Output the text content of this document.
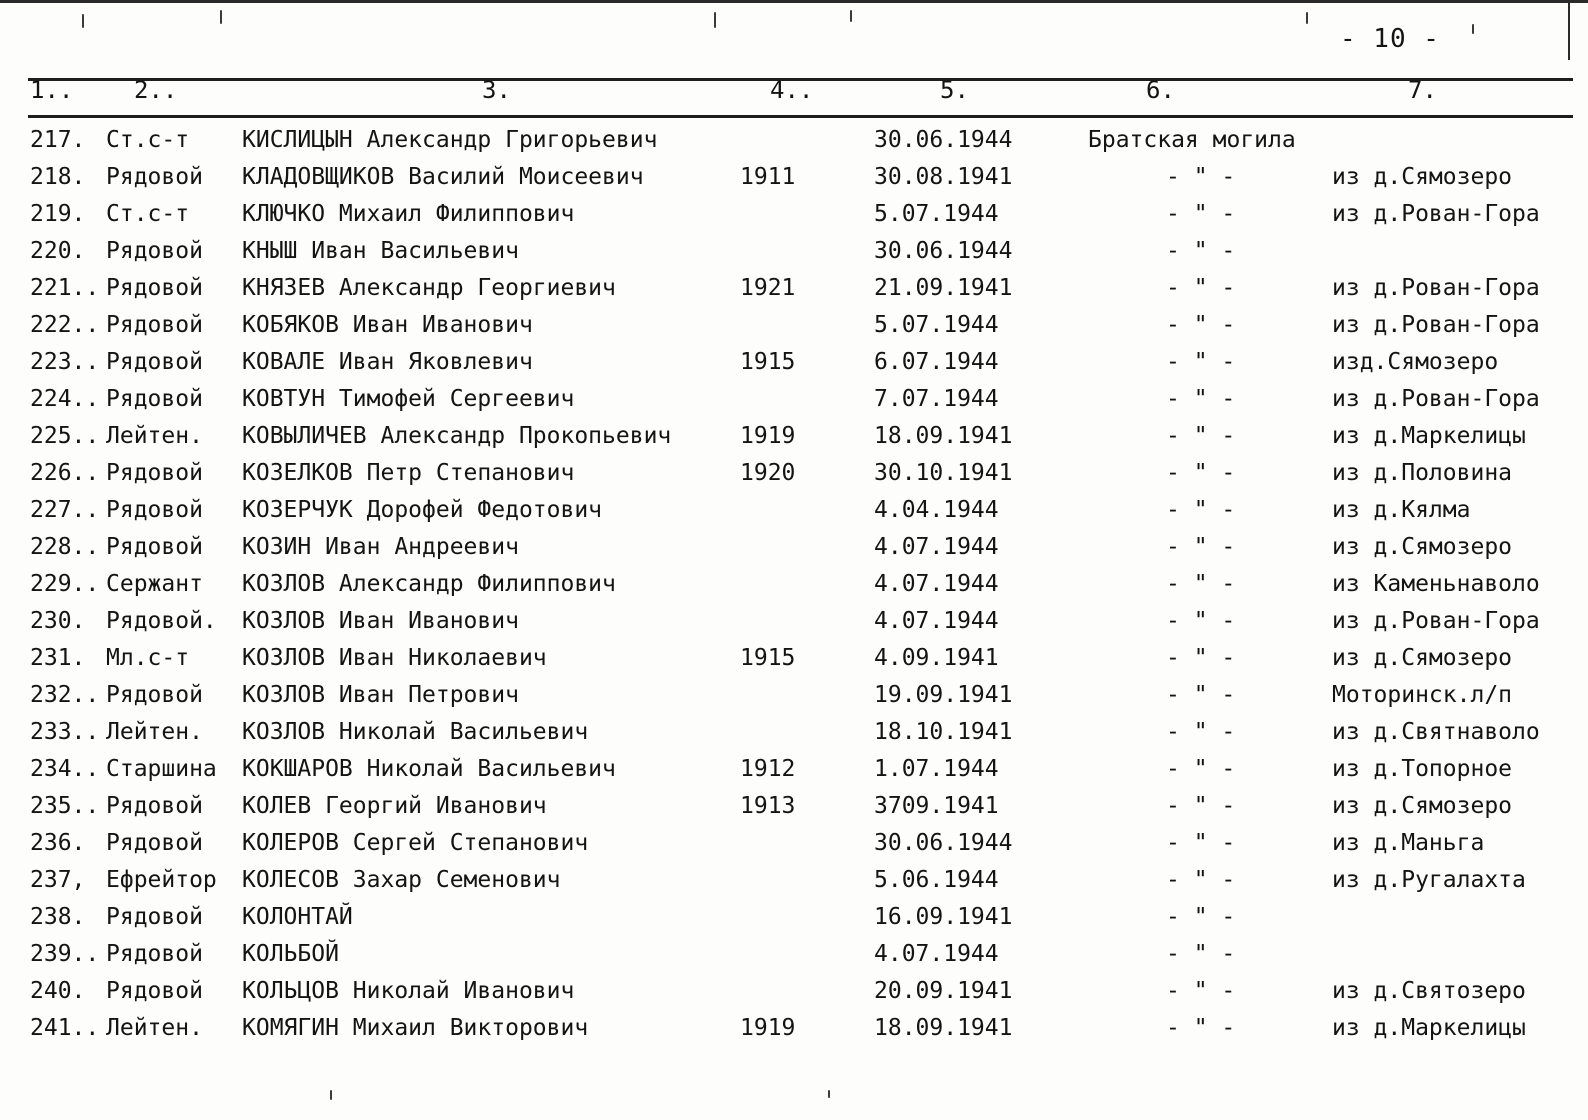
- 10 -
1..	2..	3.	4..	5.	6.	7.
217. Ст.с-т КИСЛИЦЫН Александр Григорьевич	30.06.1944	Братская могила
218. Рядовой КЛАДОВЩИКОВ Василий Моисеевич	1911	30.08.1941	- " -	из д.Сямозеро
219. Ст.с-т КЛЮЧКО Михаил Филиппович	5.07.1944	- " -	из д.Рован-Гора
220. Рядовой КНЫШ Иван Васильевич	30.06.1944	- " -
221.. Рядовой КНЯЗЕВ Александр Георгиевич	1921	21.09.1941	- " -	из д.Рован-Гора
222.. Рядовой КОБЯКОВ Иван Иванович	5.07.1944	- " -	из д.Рован-Гора
223.. Рядовой КОВАЛЕ Иван Яковлевич	1915	6.07.1944	- " -	изд.Сямозеро
224.. Рядовой КОВТУН Тимофей Сергеевич	7.07.1944	- " -	из д.Рован-Гора
225.. Лейтен. КОВЫЛИЧЕВ Александр Прокопьевич	1919	18.09.1941	- " -	из д.Маркелицы
226.. Рядовой КОЗЕЛКОВ Петр Степанович	1920	30.10.1941	- " -	из д.Половина
227.. Рядовой КОЗЕРЧУК Дорофей Федотович	4.04.1944	- " -	из д.Кялма
228.. Рядовой КОЗИН Иван Андреевич	4.07.1944	- " -	из д.Сямозеро
229.. Сержант КОЗЛОВ Александр Филиппович	4.07.1944	- " -	из Каменьнаволо
230. Рядовой. КОЗЛОВ Иван Иванович	4.07.1944	- " -	из д.Рован-Гора
231. Мл.с-т КОЗЛОВ Иван Николаевич	1915	4.09.1941	- " -	из д.Сямозеро
232.. Рядовой КОЗЛОВ Иван Петрович	19.09.1941	- " -	Моторинск.л/п
233.. Лейтен. КОЗЛОВ Николай Васильевич	18.10.1941	- " -	из д.Святнаволо
234.. Старшина КОКШАРОВ Николай Васильевич	1912	1.07.1944	- " -	из д.Топорное
235.. Рядовой КОЛЕВ Георгий Иванович	1913	3709.1941	- " -	из д.Сямозеро
236. Рядовой КОЛЕРОВ Сергей Степанович	30.06.1944	- " -	из д.Маньга
237, Ефрейтор КОЛЕСОВ Захар Семенович	5.06.1944	- " -	из д.Ругалахта
238. Рядовой КОЛОНТАЙ	16.09.1941	- " -
239.. Рядовой КОЛЬБОЙ	4.07.1944	- " -
240. Рядовой КОЛЬЦОВ Николай Иванович	20.09.1941	- " -	из д.Святозеро
241.. Лейтен. КОМЯГИН Михаил Викторович	1919	18.09.1941	- " -	из д.Маркелицы
